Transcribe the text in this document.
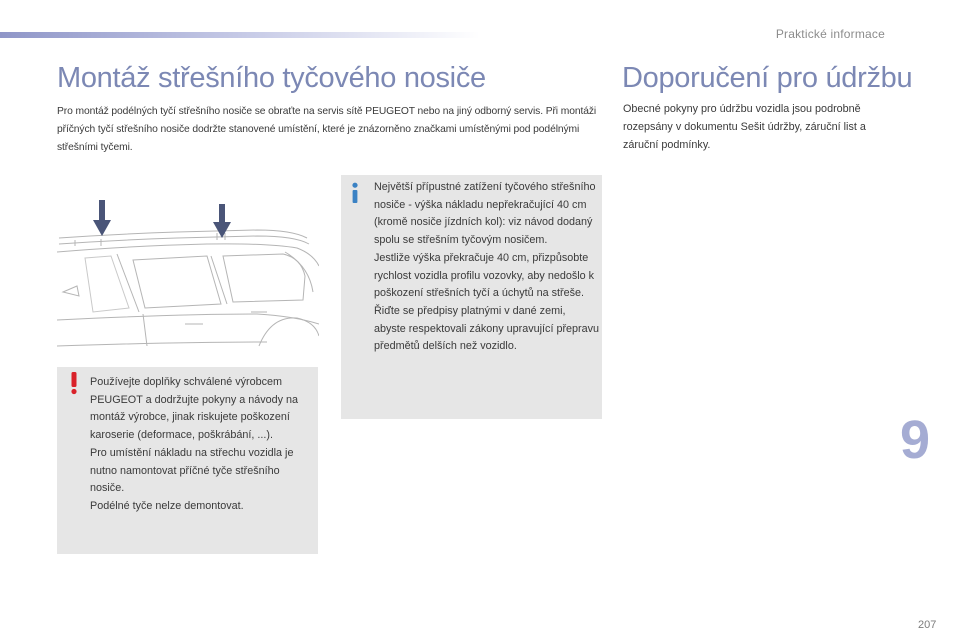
Praktické informace
Montáž střešního tyčového nosiče	Doporučení pro údržbu

Pro montáž podélných tyčí střešního nosiče se obraťte na servis sítě PEUGEOT nebo na jiný odborný servis. Při montáži příčných tyčí střešního nosiče dodržte stanovené umístění, které je znázorněno značkami umístěnými pod podélnými střešními tyčemi.

Obecné pokyny pro údržbu vozidla jsou podrobně rozepsány v dokumentu Sešit údržby, záruční list a záruční podmínky.

Používejte doplňky schválené výrobcem PEUGEOT a dodržujte pokyny a návody na montáž výrobce, jinak riskujete poškození karoserie (deformace, poškrábání, ...).

Pro umístění nákladu na střechu vozidla je nutno namontovat příčné tyče střešního nosiče.

Podélné tyče nelze demontovat.

Největší přípustné zatížení tyčového střešního nosiče - výška nákladu nepřekračující 40 cm (kromě nosiče jízdních kol): viz návod dodaný spolu se střešním tyčovým nosičem.

Jestliže výška překračuje 40 cm, přizpůsobte rychlost vozidla profilu vozovky, aby nedošlo k poškození střešních tyčí a úchytů na střeše.

Řiďte se předpisy platnými v dané zemi, abyste respektovali zákony upravující přepravu předmětů delších než vozidlo.

9
207
